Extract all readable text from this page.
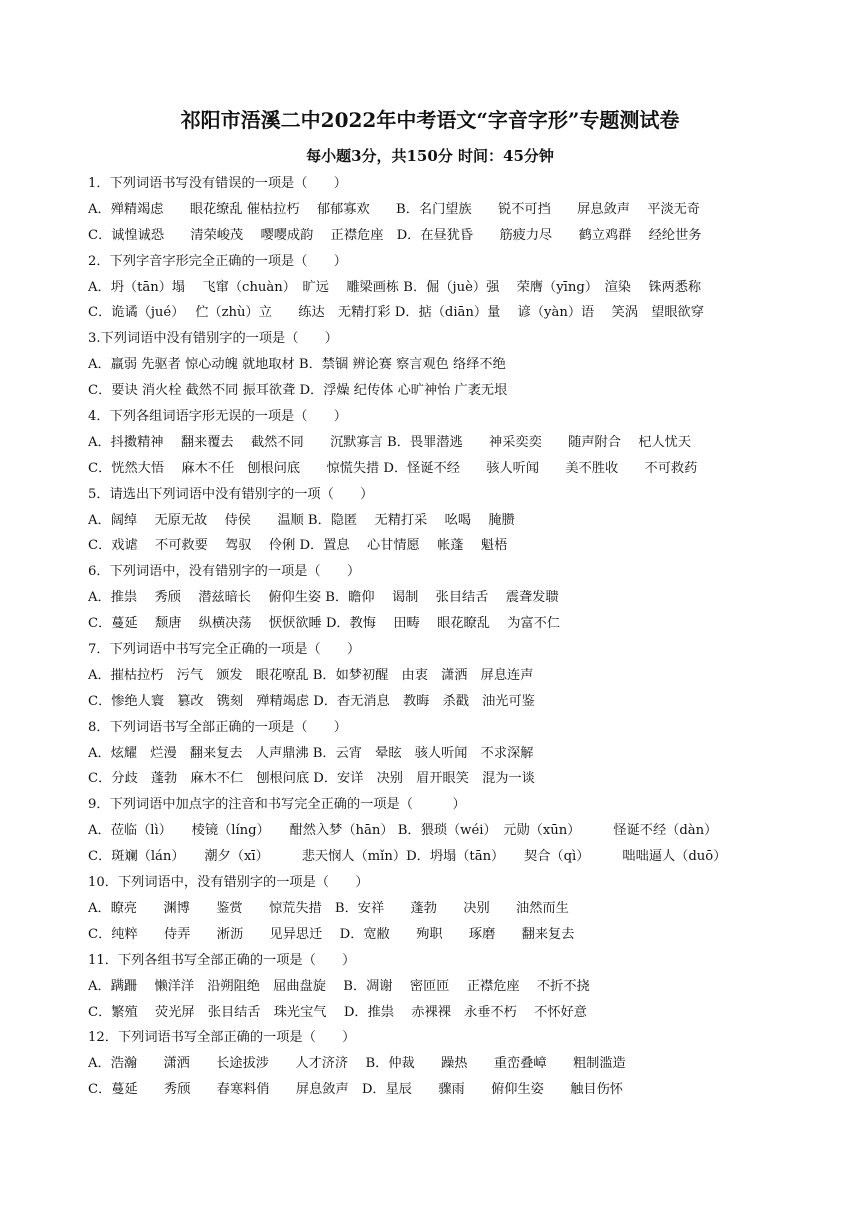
祁阳市浯溪二中2022年中考语文“字音字形”专题测试卷
每小题3分，共150分 时间：45分钟
1．下列词语书写没有错误的一项是（　　）
A．殚精竭虑　　眼花缭乱 催枯拉朽　 郁郁寡欢　　B．名门望族　　锐不可挡　　屏息敛声　 平淡无奇
C．诚惶诚恐　　清荣峻茂　 嘤嘤成韵　 正襟危座　D．在昼犹昏　　筋疲力尽　　鹤立鸡群　 经纶世务
2．下列字音字形完全正确的一项是（　　）
A．坍（tān）塌　 飞窜（chuàn）　旷远　 雕梁画栋 B．倔（juè）强　 荣膺（yīng）　渲染　 铢两悉称
C．诡谲（jué）　 伫（zhù）立　　练达　无精打彩 D．掂（diān）量　 谚（yàn）语　 笑涡　望眼欲穿
3.下列词语中没有错别字的一项是（　　）
A．羸弱 先驱者 惊心动魄 就地取材 B．禁锢 辨论赛 察言观色 络绎不绝
C．要诀 消火栓 截然不同 振耳欲聋 D．浮燥 纪传体 心旷神怡 广袤无垠
4．下列各组词语字形无误的一项是（　　）
A．抖擞精神　 翻来覆去　 截然不同　　沉默寡言 B．畏罪潜逃　　神采奕奕　　随声附合　 杞人忧天
C．恍然大悟　 麻木不任　刨根问底　　惊慌失措 D．怪诞不经　　骇人听闻　　美不胜收　　不可救药
5．请选出下列词语中没有错别字的一项（　　）
A．阔绰　 无原无故　 侍侯　　温顺 B．隐匿　 无精打采　 吆喝　 腌臜
C．戏谑　 不可救要　 驾驭　 伶俐 D．置息　 心甘情愿　 帐蓬　 魁梧
6．下列词语中，没有错别字的一项是（　　）
A．推祟　 秀颀　 潜兹暗长　 俯仰生姿 B．瞻仰　 谒制　 张目结舌　 震聋发聩
C．蔓延　 颓唐　 纵横决荡　 恹恹欲睡 D．教悔　 田畴　 眼花瞭乱　 为富不仁
7．下列词语中书写完全正确的一项是（　　）
A．摧枯拉朽　污气　颁发　眼花嘹乱 B．如梦初醒　由衷　潇洒　屏息连声
C．惨绝人寰　篡改　镌刻　殚精竭虑 D．杳无消息　教晦　杀戳　油光可鉴
8．下列词语书写全部正确的一项是（　　）
A．炫耀　烂漫　翻来复去　人声鼎沸 B．云宵　晕眩　骇人听闻　不求深解
C．分歧　蓬勃　麻木不仁　刨根问底 D．安详　决别　眉开眼笑　混为一谈
9．下列词语中加点字的注音和书写完全正确的一项是（　　　）
A．莅临（lì）　　棱镜（líng）　　酣然入梦（hān） B．猥琐（wéi）　元勋（xūn）　　　怪诞不经（dàn）
C．斑斓（lán）　　潮夕（xī）　　　悲天悯人（mǐn）D．坍塌（tān）　　契合（qì）　　　咄咄逼人（duō）
10．下列词语中，没有错别字的一项是（　　）
A．瞭亮　　渊博　　鉴赏　　惊荒失措　B．安祥　　蓬勃　　决别　　油然而生
C．纯粹　　侍弄　　淅沥　　见异思迁　 D．宽敝　　殉职　　琢磨　　翻来复去
11．下列各组书写全部正确的一项是（　　）
A．蹒跚　 懒洋洋　沿朔阻绝　屈曲盘旋　 B．凋谢　 密匝匝　 正襟危座　 不折不挠
C．繁殖　 荧光屏　张目结舌　珠光宝气　 D．推祟　 赤裸裸　永垂不朽　 不怀好意
12．下列词语书写全部正确的一项是（　　）
A．浩瀚　　潇洒　　长途拔涉　　人才济济　 B．仲裁　　躁热　　重峦叠嶂　　粗制滥造
C．蔓延　　秀颀　　春寒料俏　　屏息敛声　D．星辰　　骤雨　　俯仰生姿　　触目伤怀
